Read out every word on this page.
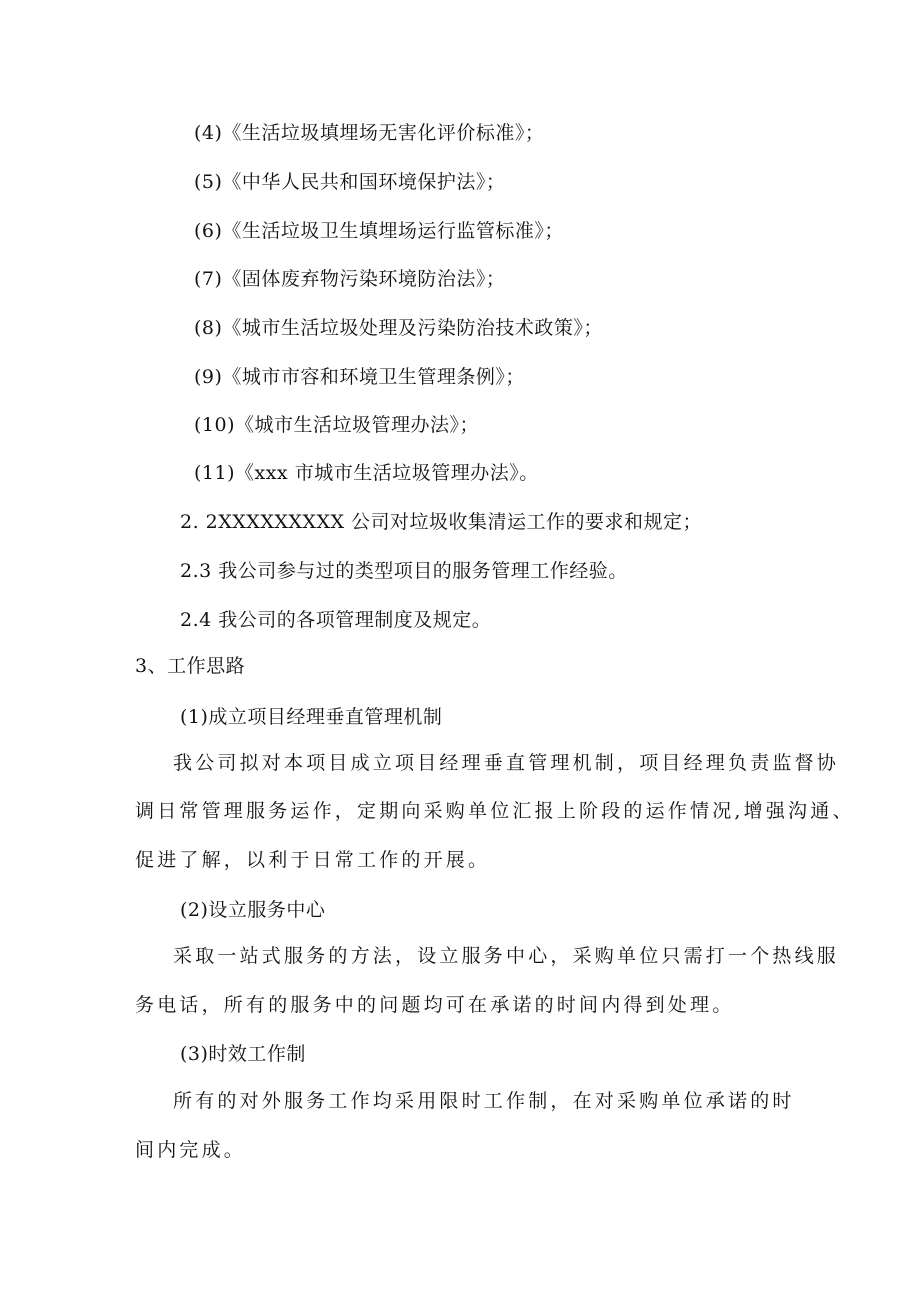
(4)《生活垃圾填埋场无害化评价标准》；
(5)《中华人民共和国环境保护法》；
(6)《生活垃圾卫生填埋场运行监管标准》；
(7)《固体废弃物污染环境防治法》；
(8)《城市生活垃圾处理及污染防治技术政策》；
(9)《城市市容和环境卫生管理条例》；
(10)《城市生活垃圾管理办法》；
(11)《xxx 市城市生活垃圾管理办法》。
2. 2XXXXXXXXX 公司对垃圾收集清运工作的要求和规定；
2.3 我公司参与过的类型项目的服务管理工作经验。
2.4 我公司的各项管理制度及规定。
3、工作思路
(1)成立项目经理垂直管理机制
我公司拟对本项目成立项目经理垂直管理机制，项目经理负责监督协
调日常管理服务运作，定期向采购单位汇报上阶段的运作情况,增强沟通、
促进了解，以利于日常工作的开展。
(2)设立服务中心
采取一站式服务的方法，设立服务中心，采购单位只需打一个热线服
务电话，所有的服务中的问题均可在承诺的时间内得到处理。
(3)时效工作制
所有的对外服务工作均采用限时工作制，在对采购单位承诺的时
间内完成。
